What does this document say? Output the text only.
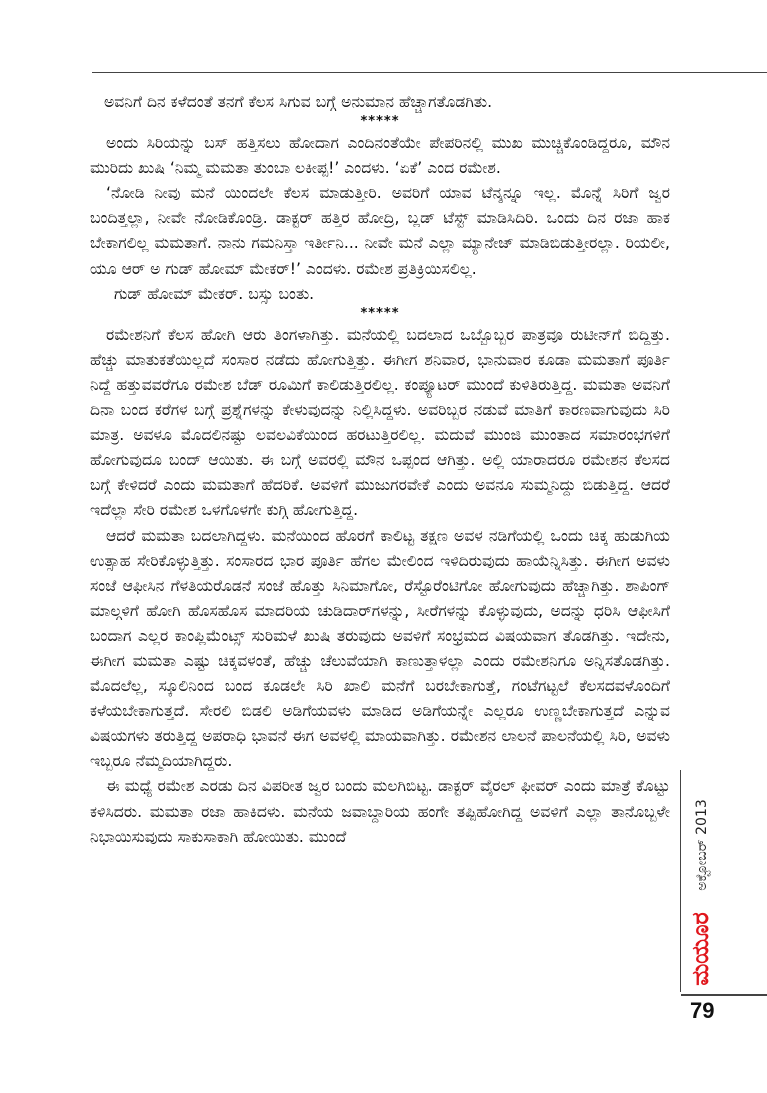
ಅವನಿಗೆ ದಿನ ಕಳೆದಂತೆ ತನಗೆ ಕೆಲಸ ಸಿಗುವ ಬಗ್ಗೆ ಅನುಮಾನ ಹೆಚ್ಚಾಗತೊಡಗಿತು.

*****

ಅಂದು ಸಿರಿಯನ್ನು ಬಸ್ ಹತ್ತಿಸಲು ಹೋದಾಗ ಎಂದಿನಂತೆಯೇ ಪೇಪರಿನಲ್ಲಿ ಮುಖ ಮುಚ್ಚಿಕೊಂಡಿದ್ದರೂ, ಮೌನ ಮುರಿದು ಖುಷಿ ‘ನಿಮ್ಮ ಮಮತಾ ತುಂಬಾ ಲಕೀಪ್ಪ!’ ಎಂದಳು. ‘ಏಕೆ’ ಎಂದ ರಮೇಶ.

‘ನೋಡಿ ನೀವು ಮನೆ ಯಿಂದಲೇ ಕೆಲಸ ಮಾಡುತ್ತೀರಿ. ಅವರಿಗೆ ಯಾವ ಟೆನ್ಶನ್ನೂ ಇಲ್ಲ. ಮೊನ್ನೆ ಸಿರಿಗೆ ಜ್ವರ ಬಂದಿತ್ತಲ್ಲಾ, ನೀವೇ ನೋಡಿಕೊಂಡ್ರಿ. ಡಾಕ್ಟರ್ ಹತ್ತಿರ ಹೋದ್ರಿ, ಬ್ಲಡ್ ಟೆಸ್ಟ್ ಮಾಡಿಸಿದಿರಿ. ಒಂದು ದಿನ ರಜಾ ಹಾಕ ಬೇಕಾಗಲಿಲ್ಲ ಮಮತಾಗೆ. ನಾನು ಗಮನಿಸ್ತಾ ಇರ್ತೀನಿ... ನೀವೇ ಮನೆ ಎಲ್ಲಾ ಮ್ಯಾನೇಜ್ ಮಾಡಿಬಿಡುತ್ತೀರಲ್ಲಾ. ರಿಯಲೀ, ಯೂ ಆರ್ ಅ ಗುಡ್ ಹೋಮ್ ಮೇಕರ್!’ ಎಂದಳು. ರಮೇಶ ಪ್ರತಿಕ್ರಿಯಿಸಲಿಲ್ಲ.

ಗುಡ್ ಹೋಮ್ ಮೇಕರ್. ಬಸ್ಸು ಬಂತು.

*****

ರಮೇಶನಿಗೆ ಕೆಲಸ ಹೋಗಿ ಆರು ತಿಂಗಳಾಗಿತ್ತು. ಮನೆಯಲ್ಲಿ ಬದಲಾದ ಒಬ್ಬೊಬ್ಬರ ಪಾತ್ರವೂ ರುಟೀನ್‌ಗೆ ಬಿದ್ದಿತ್ತು. ಹೆಚ್ಚು ಮಾತುಕತೆಯಿಲ್ಲದೆ ಸಂಸಾರ ನಡೆದು ಹೋಗುತ್ತಿತ್ತು. ಈಗೀಗ ಶನಿವಾರ, ಭಾನುವಾರ ಕೂಡಾ ಮಮತಾಗೆ ಪೂರ್ತಿ ನಿದ್ದೆ ಹತ್ತುವವರೆಗೂ ರಮೇಶ ಬೆಡ್ ರೂಮಿಗೆ ಕಾಲಿಡುತ್ತಿರಲಿಲ್ಲ. ಕಂಪ್ಯೂಟರ್ ಮುಂದೆ ಕುಳಿತಿರುತ್ತಿದ್ದ. ಮಮತಾ ಅವನಿಗೆ ದಿನಾ ಬಂದ ಕರೆಗಳ ಬಗ್ಗೆ ಪ್ರಶ್ನೆಗಳನ್ನು ಕೇಳುವುದನ್ನು ನಿಲ್ಲಿಸಿದ್ದಳು. ಅವರಿಬ್ಬರ ನಡುವೆ ಮಾತಿಗೆ ಕಾರಣವಾಗುವುದು ಸಿರಿ ಮಾತ್ರ. ಅವಳೂ ಮೊದಲಿನಷ್ಟು ಲವಲವಿಕೆಯಿಂದ ಹರಟುತ್ತಿರಲಿಲ್ಲ. ಮದುವೆ ಮುಂಜಿ ಮುಂತಾದ ಸಮಾರಂಭಗಳಿಗೆ ಹೋಗುವುದೂ ಬಂದ್ ಆಯಿತು. ಈ ಬಗ್ಗೆ ಅವರಲ್ಲಿ ಮೌನ ಒಪ್ಪಂದ ಆಗಿತ್ತು. ಅಲ್ಲಿ ಯಾರಾದರೂ ರಮೇಶನ ಕೆಲಸದ ಬಗ್ಗೆ ಕೇಳಿದರೆ ಎಂದು ಮಮತಾಗೆ ಹೆದರಿಕೆ. ಅವಳಿಗೆ ಮುಜುಗರವೇಕೆ ಎಂದು ಅವನೂ ಸುಮ್ಮನಿದ್ದು ಬಿಡುತ್ತಿದ್ದ. ಆದರೆ ಇದೆಲ್ಲಾ ಸೇರಿ ರಮೇಶ ಒಳಗೊಳಗೇ ಕುಗ್ಗಿ ಹೋಗುತ್ತಿದ್ದ.

ಆದರೆ ಮಮತಾ ಬದಲಾಗಿದ್ದಳು. ಮನೆಯಿಂದ ಹೊರಗೆ ಕಾಲಿಟ್ಟ ತಕ್ಷಣ ಅವಳ ನಡಿಗೆಯಲ್ಲಿ ಒಂದು ಚಿಕ್ಕ ಹುಡುಗಿಯ ಉತ್ಸಾಹ ಸೇರಿಕೊಳ್ಳುತ್ತಿತ್ತು. ಸಂಸಾರದ ಭಾರ ಪೂರ್ತಿ ಹೆಗಲ ಮೇಲಿಂದ ಇಳಿದಿರುವುದು ಹಾಯೆನ್ನಿಸಿತ್ತು. ಈಗೀಗ ಅವಳು ಸಂಜೆ ಆಫೀಸಿನ ಗೆಳತಿಯರೊಡನೆ ಸಂಜೆ ಹೊತ್ತು ಸಿನಿಮಾಗೋ, ರೆಸ್ಟೊರೆಂಟಿಗೋ ಹೋಗುವುದು ಹೆಚ್ಚಾಗಿತ್ತು. ಶಾಪಿಂಗ್ ಮಾಲ್ಗಳಿಗೆ ಹೋಗಿ ಹೊಸಹೊಸ ಮಾದರಿಯ ಚುಡಿದಾರ್‌ಗಳನ್ನು, ಸೀರೆಗಳನ್ನು ಕೊಳ್ಳುವುದು, ಅದನ್ನು ಧರಿಸಿ ಆಫೀಸಿಗೆ ಬಂದಾಗ ಎಲ್ಲರ ಕಾಂಪ್ಲಿಮೆಂಟ್ಸ್ ಸುರಿಮಳೆ ಖುಷಿ ತರುವುದು ಅವಳಿಗೆ ಸಂಭ್ರಮದ ವಿಷಯವಾಗ ತೊಡಗಿತ್ತು. ಇದೇನು, ಈಗೀಗ ಮಮತಾ ಎಷ್ಟು ಚಿಕ್ಕವಳಂತೆ, ಹೆಚ್ಚು ಚೆಲುವೆಯಾಗಿ ಕಾಣುತ್ತಾಳಲ್ಲಾ ಎಂದು ರಮೇಶನಿಗೂ ಅನ್ನಿಸತೊಡಗಿತ್ತು. ಮೊದಲೆಲ್ಲ, ಸ್ಕೂಲಿನಿಂದ ಬಂದ ಕೂಡಲೇ ಸಿರಿ ಖಾಲಿ ಮನೆಗೆ ಬರಬೇಕಾಗುತ್ತೆ, ಗಂಟೆಗಟ್ಟಲೆ ಕೆಲಸದವಳೊಂದಿಗೆ ಕಳೆಯಬೇಕಾಗುತ್ತದೆ. ಸೇರಲಿ ಬಿಡಲಿ ಅಡಿಗೆಯವಳು ಮಾಡಿದ ಅಡಿಗೆಯನ್ನೇ ಎಲ್ಲರೂ ಉಣ್ಣಬೇಕಾಗುತ್ತದೆ ಎನ್ನುವ ವಿಷಯಗಳು ತರುತ್ತಿದ್ದ ಅಪರಾಧಿ ಭಾವನೆ ಈಗ ಅವಳಲ್ಲಿ ಮಾಯವಾಗಿತ್ತು. ರಮೇಶನ ಲಾಲನೆ ಪಾಲನೆಯಲ್ಲಿ ಸಿರಿ, ಅವಳು ಇಬ್ಬರೂ ನೆಮ್ಮದಿಯಾಗಿದ್ದರು.

ಈ ಮಧ್ಯೆ ರಮೇಶ ಎರಡು ದಿನ ವಿಪರೀತ ಜ್ವರ ಬಂದು ಮಲಗಿಬಿಟ್ಟ. ಡಾಕ್ಟರ್ ವೈರಲ್ ಫೀವರ್ ಎಂದು ಮಾತ್ರೆ ಕೊಟ್ಟು ಕಳಿಸಿದರು. ಮಮತಾ ರಜಾ ಹಾಕಿದಳು. ಮನೆಯ ಜವಾಬ್ದಾರಿಯ ಹಂಗೇ ತಪ್ಪಿಹೋಗಿದ್ದ ಅವಳಿಗೆ ಎಲ್ಲಾ ತಾನೊಬ್ಬಳೇ ನಿಭಾಯಿಸುವುದು ಸಾಕುಸಾಕಾಗಿ ಹೋಯಿತು. ಮುಂದೆ	ಅಕ್ಟೋಬರ್ 2013
ಮಯೂರ
79
